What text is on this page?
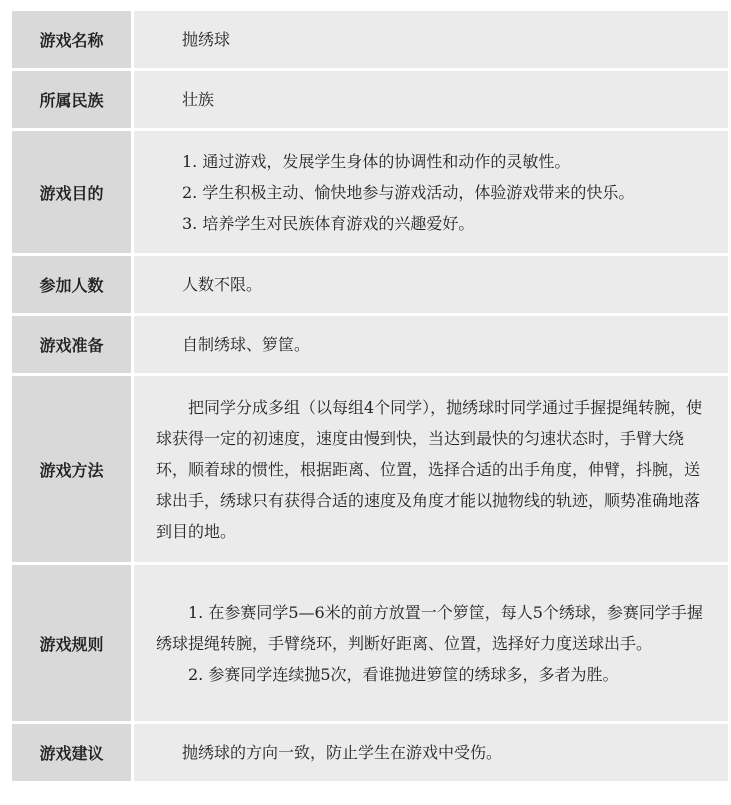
游戏名称	抛绣球
所属民族	壮族
游戏目的	1. 通过游戏，发展学生身体的协调性和动作的灵敏性。

2. 学生积极主动、愉快地参与游戏活动，体验游戏带来的快乐。

3. 培养学生对民族体育游戏的兴趣爱好。

参加人数	人数不限。
游戏准备	自制绣球、箩筐。
游戏方法	把同学分成多组（以每组4个同学），抛绣球时同学通过手握提绳转腕，使球获得一定的初速度，速度由慢到快，当达到最快的匀速状态时，手臂大绕环，顺着球的惯性，根据距离、位置，选择合适的出手角度，伸臂，抖腕，送球出手，绣球只有获得合适的速度及角度才能以抛物线的轨迹，顺势准确地落到目的地。

游戏规则	1. 在参赛同学5—6米的前方放置一个箩筐，每人5个绣球，参赛同学手握绣球提绳转腕，手臂绕环，判断好距离、位置，选择好力度送球出手。

2. 参赛同学连续抛5次，看谁抛进箩筐的绣球多，多者为胜。

游戏建议	抛绣球的方向一致，防止学生在游戏中受伤。
